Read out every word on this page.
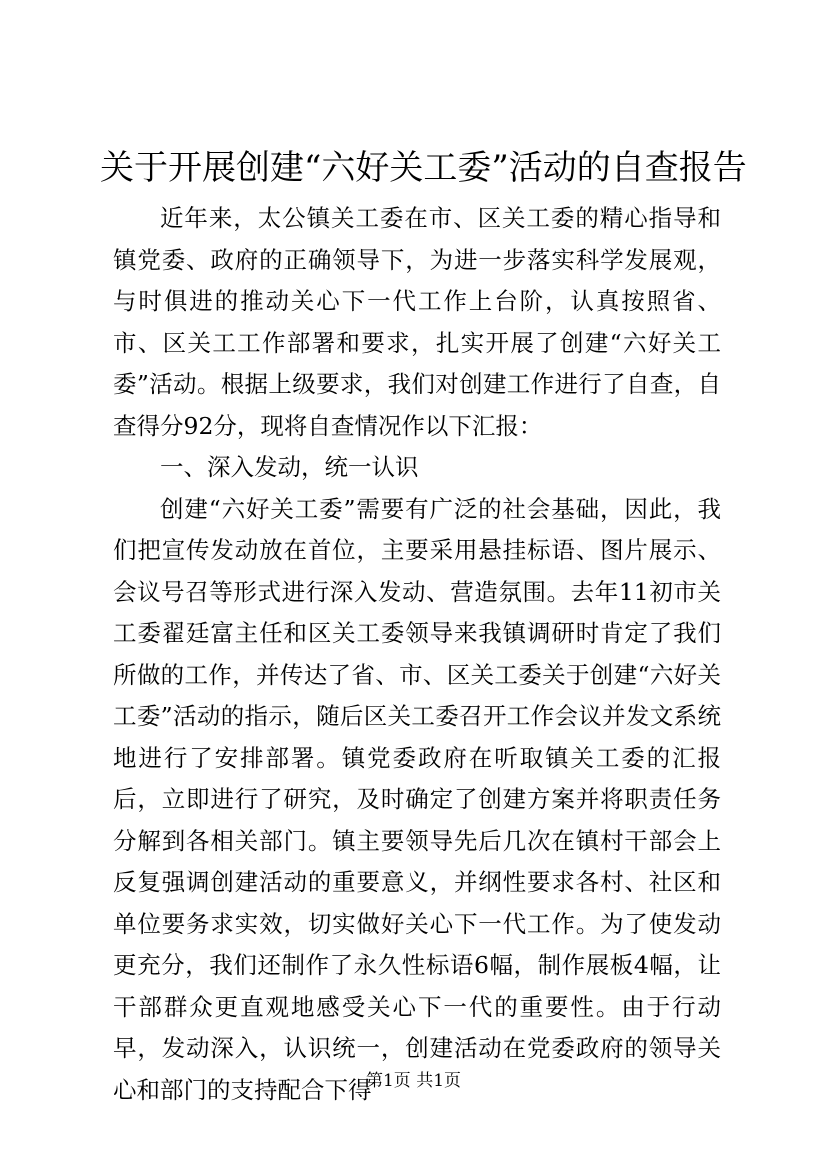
关于开展创建“六好关工委”活动的自查报告

近年来，太公镇关工委在市、区关工委的精心指导和镇党委、政府的正确领导下，为进一步落实科学发展观，与时俱进的推动关心下一代工作上台阶，认真按照省、市、区关工工作部署和要求，扎实开展了创建“六好关工委”活动。根据上级要求，我们对创建工作进行了自查，自查得分92分，现将自查情况作以下汇报：

一、深入发动，统一认识

创建“六好关工委”需要有广泛的社会基础，因此，我们把宣传发动放在首位，主要采用悬挂标语、图片展示、会议号召等形式进行深入发动、营造氛围。去年11初市关工委翟廷富主任和区关工委领导来我镇调研时肯定了我们所做的工作，并传达了省、市、区关工委关于创建“六好关工委”活动的指示，随后区关工委召开工作会议并发文系统地进行了安排部署。镇党委政府在听取镇关工委的汇报后，立即进行了研究，及时确定了创建方案并将职责任务分解到各相关部门。镇主要领导先后几次在镇村干部会上反复强调创建活动的重要意义，并纲性要求各村、社区和单位要务求实效，切实做好关心下一代工作。为了使发动更充分，我们还制作了永久性标语6幅，制作展板4幅，让干部群众更直观地感受关心下一代的重要性。由于行动早，发动深入，认识统一，创建活动在党委政府的领导关心和部门的支持配合下得

第1页 共1页
